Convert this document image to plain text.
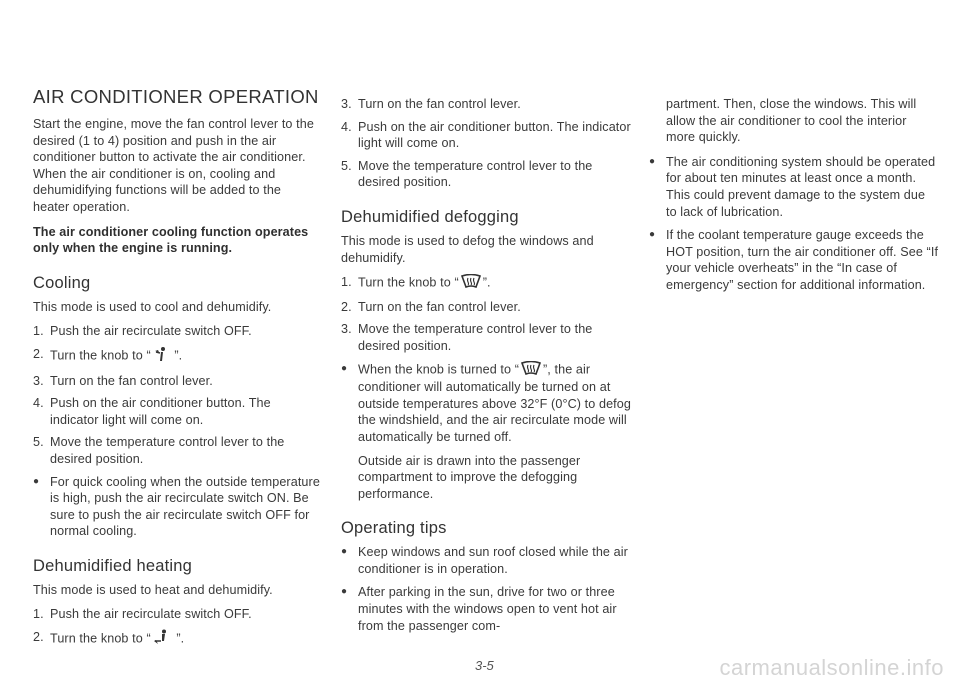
AIR CONDITIONER OPERATION

Start the engine, move the fan control lever to the desired (1 to 4) position and push in the air conditioner button to activate the air conditioner. When the air conditioner is on, cooling and dehumidifying functions will be added to the heater operation.

The air conditioner cooling function operates only when the engine is running.

Cooling

This mode is used to cool and dehumidify.

1. Push the air recirculate switch OFF.
2. Turn the knob to “ ”.
3. Turn on the fan control lever.
4. Push on the air conditioner button. The indicator light will come on.
5. Move the temperature control lever to the desired position.
● For quick cooling when the outside temperature is high, push the air recirculate switch ON. Be sure to push the air recirculate switch OFF for normal cooling.
Dehumidified heating

This mode is used to heat and dehumidify.

1. Push the air recirculate switch OFF.
2. Turn the knob to “ ”.
3. Turn on the fan control lever.
4. Push on the air conditioner button. The indicator light will come on.
5. Move the temperature control lever to the desired position.
Dehumidified defogging

This mode is used to defog the windows and dehumidify.

1. Turn the knob to “ ”.
2. Turn on the fan control lever.
3. Move the temperature control lever to the desired position.
● When the knob is turned to “ ”, the air conditioner will automatically be turned on at outside temperatures above 32°F (0°C) to defog the windshield, and the air recirculate mode will automatically be turned off.

Outside air is drawn into the passenger compartment to improve the defogging performance.

Operating tips
● Keep windows and sun roof closed while the air conditioner is in operation.
● After parking in the sun, drive for two or three minutes with the windows open to vent hot air from the passenger com-

partment. Then, close the windows. This will allow the air conditioner to cool the interior more quickly.

● The air conditioning system should be operated for about ten minutes at least once a month. This could prevent damage to the system due to lack of lubrication.
● If the coolant temperature gauge exceeds the HOT position, turn the air conditioner off. See “If your vehicle overheats” in the “In case of emergency” section for additional information.
3-5	carmanualsonline.info
